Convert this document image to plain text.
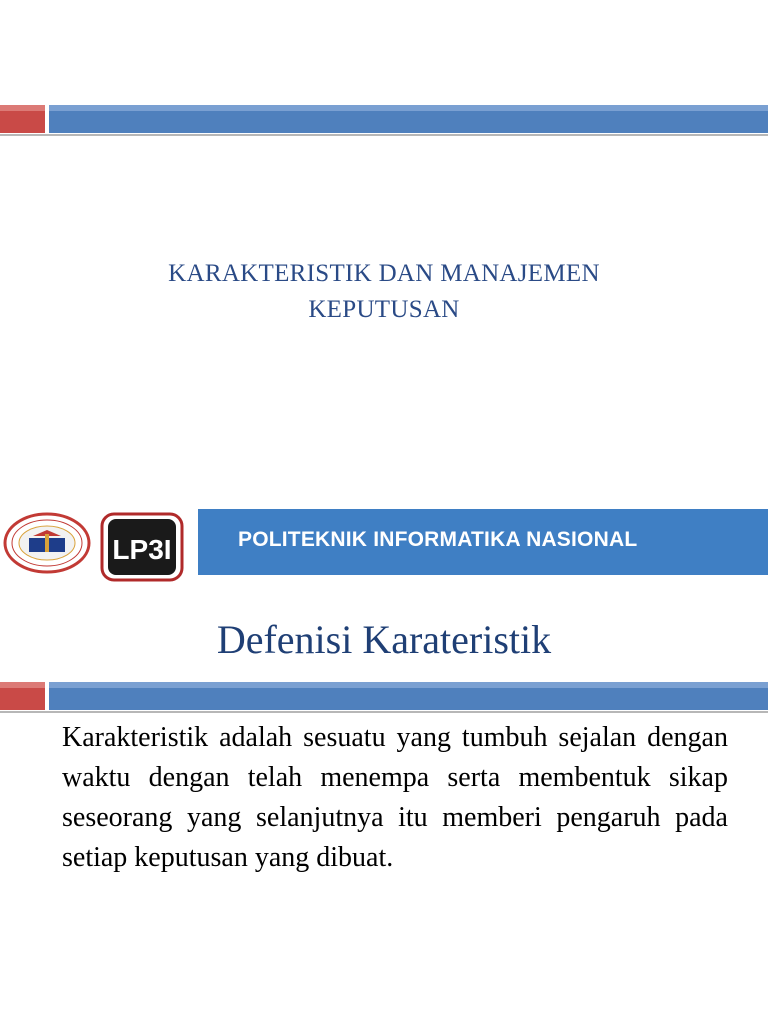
KARAKTERISTIK DAN MANAJEMEN
KEPUTUSAN
LP3I	POLITEKNIK INFORMATIKA NASIONAL
Defenisi Karateristik
Karakteristik adalah sesuatu yang tumbuh sejalan dengan waktu dengan telah menempa serta membentuk sikap seseorang yang selanjutnya itu memberi pengaruh pada setiap keputusan yang dibuat.
